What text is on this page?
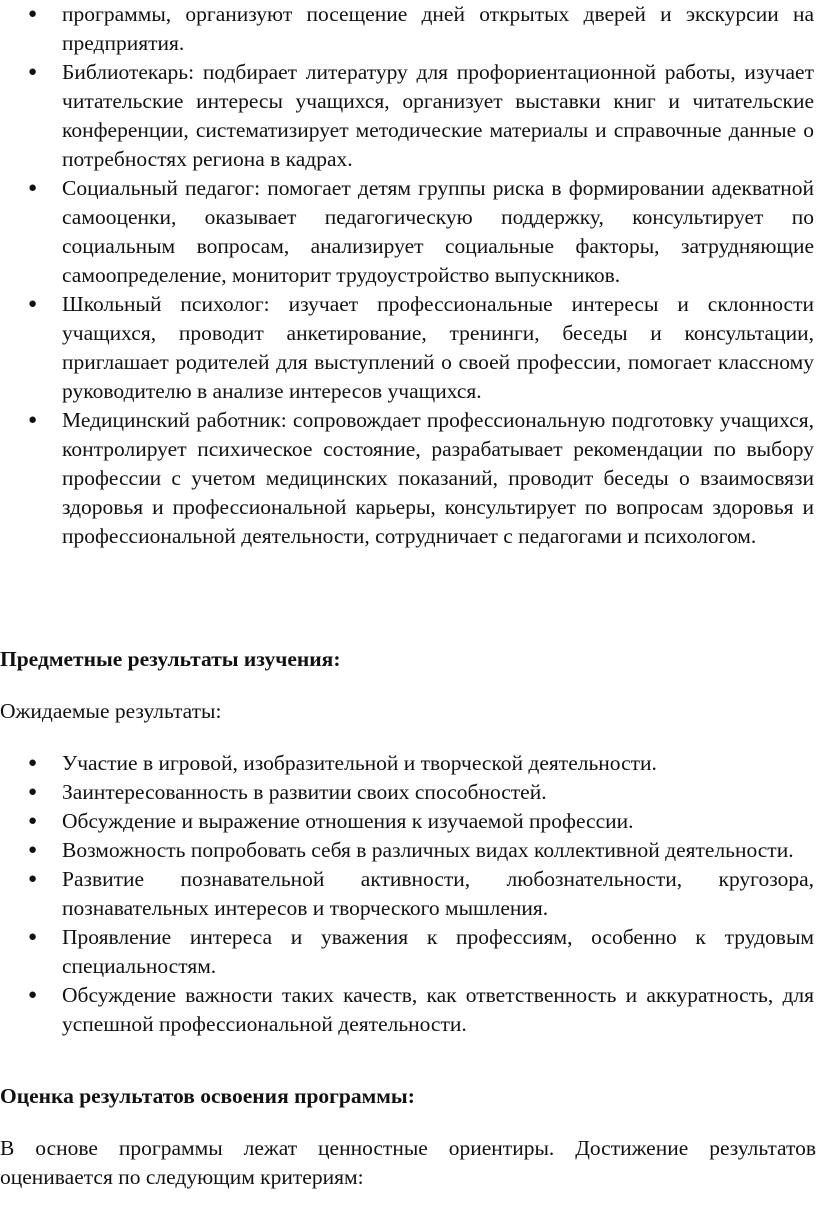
● программы, организуют посещение дней открытых дверей и экскурсии на предприятия.
● Библиотекарь: подбирает литературу для профориентационной работы, изучает читательские интересы учащихся, организует выставки книг и читательские конференции, систематизирует методические материалы и справочные данные о потребностях региона в кадрах.
● Социальный педагог: помогает детям группы риска в формировании адекватной самооценки, оказывает педагогическую поддержку, консультирует по социальным вопросам, анализирует социальные факторы, затрудняющие самоопределение, мониторит трудоустройство выпускников.
● Школьный психолог: изучает профессиональные интересы и склонности учащихся, проводит анкетирование, тренинги, беседы и консультации, приглашает родителей для выступлений о своей профессии, помогает классному руководителю в анализе интересов учащихся.
● Медицинский работник: сопровождает профессиональную подготовку учащихся, контролирует психическое состояние, разрабатывает рекомендации по выбору профессии с учетом медицинских показаний, проводит беседы о взаимосвязи здоровья и профессиональной карьеры, консультирует по вопросам здоровья и профессиональной деятельности, сотрудничает с педагогами и психологом.
Предметные результаты изучения:
Ожидаемые результаты:
● Участие в игровой, изобразительной и творческой деятельности.
● Заинтересованность в развитии своих способностей.
● Обсуждение и выражение отношения к изучаемой профессии.
● Возможность попробовать себя в различных видах коллективной деятельности.
● Развитие познавательной активности, любознательности, кругозора, познавательных интересов и творческого мышления.
● Проявление интереса и уважения к профессиям, особенно к трудовым специальностям.
● Обсуждение важности таких качеств, как ответственность и аккуратность, для успешной профессиональной деятельности.
Оценка результатов освоения программы:
В основе программы лежат ценностные ориентиры. Достижение результатов оценивается по следующим критериям:
